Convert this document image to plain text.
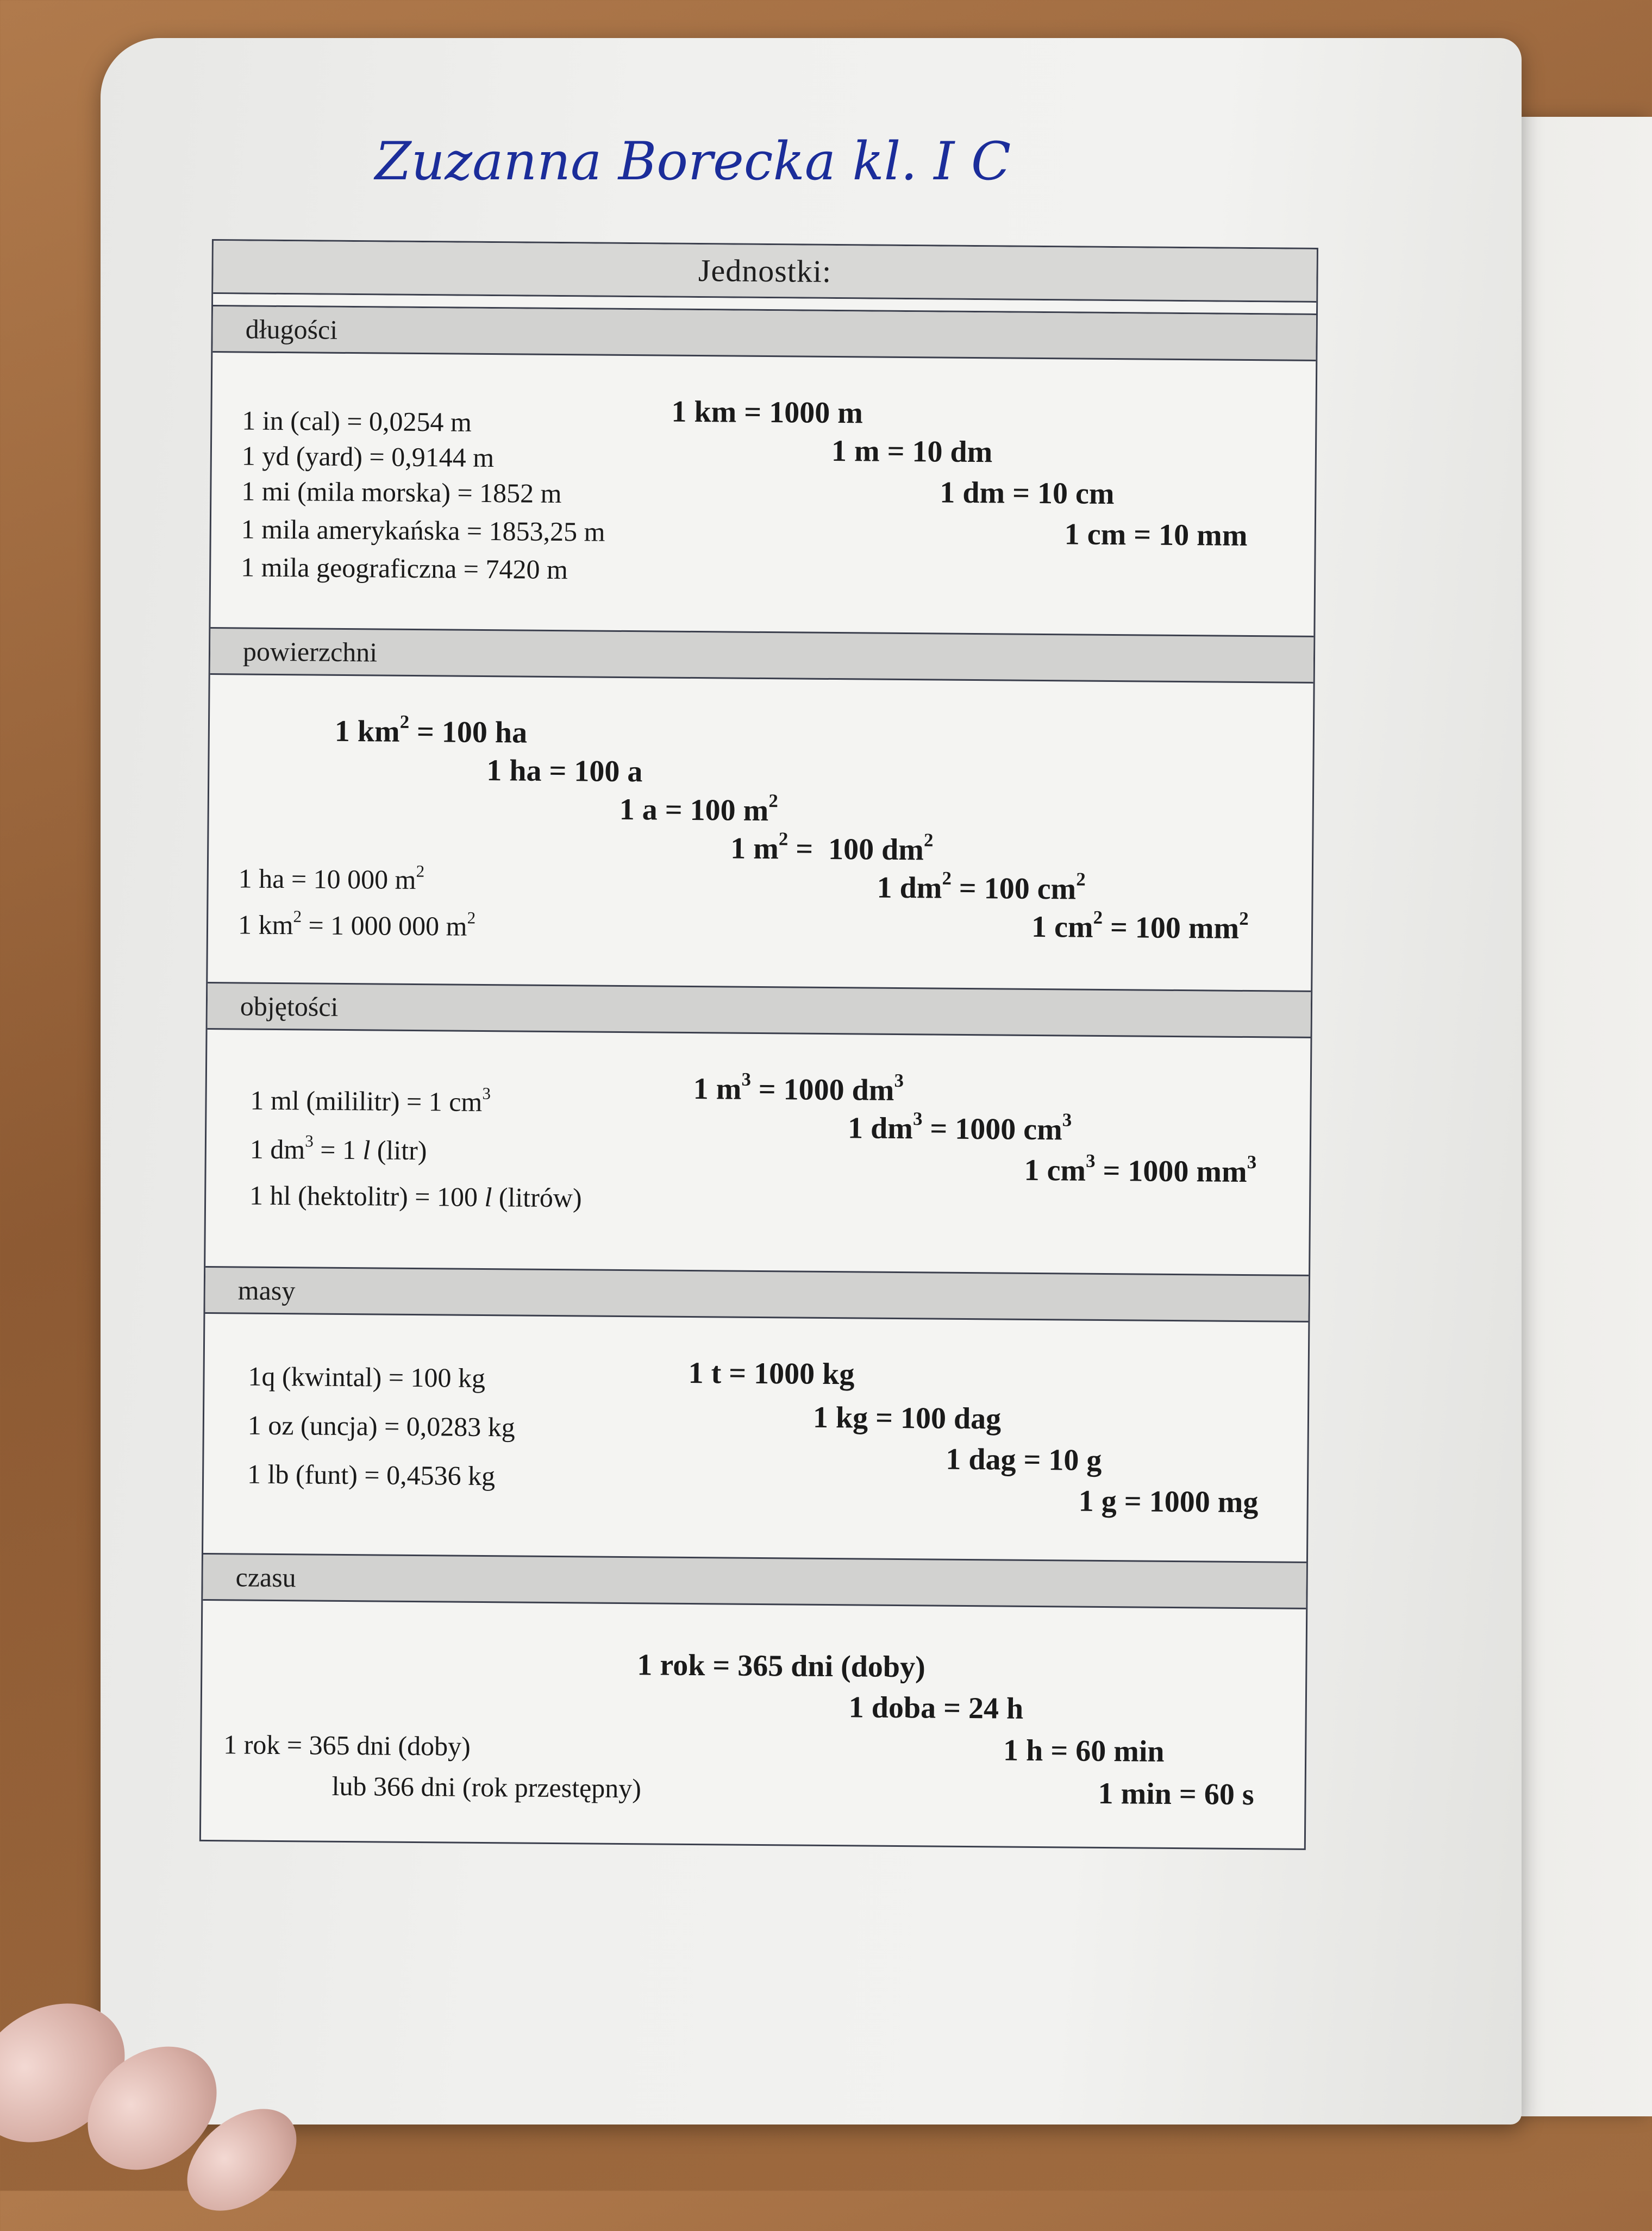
Zuzanna Borecka kl. I C
Jednostki:
długości
1 in (cal) = 0,0254 m
1 yd (yard) = 0,9144 m
1 mi (mila morska) = 1852 m
1 mila amerykańska = 1853,25 m
1 mila geograficzna = 7420 m
1 km = 1000 m
1 m = 10 dm
1 dm = 10 cm
1 cm = 10 mm
powierzchni
1 $km^2 = 100$ ha
1 ha = 100 a
1 a = 100 $m^2$
1 $m^2 = 100$ $dm^2$
1 $dm^2 = 100$ $cm^2$
1 $cm^2 = 100$ $mm^2$
1 ha = 10 000 $m^2$
1 $km^2 = 1$ 000 000 $m^2$
objętości
1 ml (mililitr) = 1 $cm^3$
1 $dm^3 = 1$ l (litr)
1 hl (hektolitr) = 100 l (litrów)
1 $m^3 = 1000$ $dm^3$
1 $dm^3 = 1000$ $cm^3$
1 $cm^3 = 1000$ $mm^3$
masy
1q (kwintal) = 100 kg
1 oz (uncja) = 0,0283 kg
1 lb (funt) = 0,4536 kg
1 t = 1000 kg
1 kg = 100 dag
1 dag = 10 g
1 g = 1000 mg
czasu
1 rok = 365 dni (doby)
1 doba = 24 h
1 h = 60 min
1 min = 60 s
1 rok = 365 dni (doby)
lub 366 dni (rok przestępny)
